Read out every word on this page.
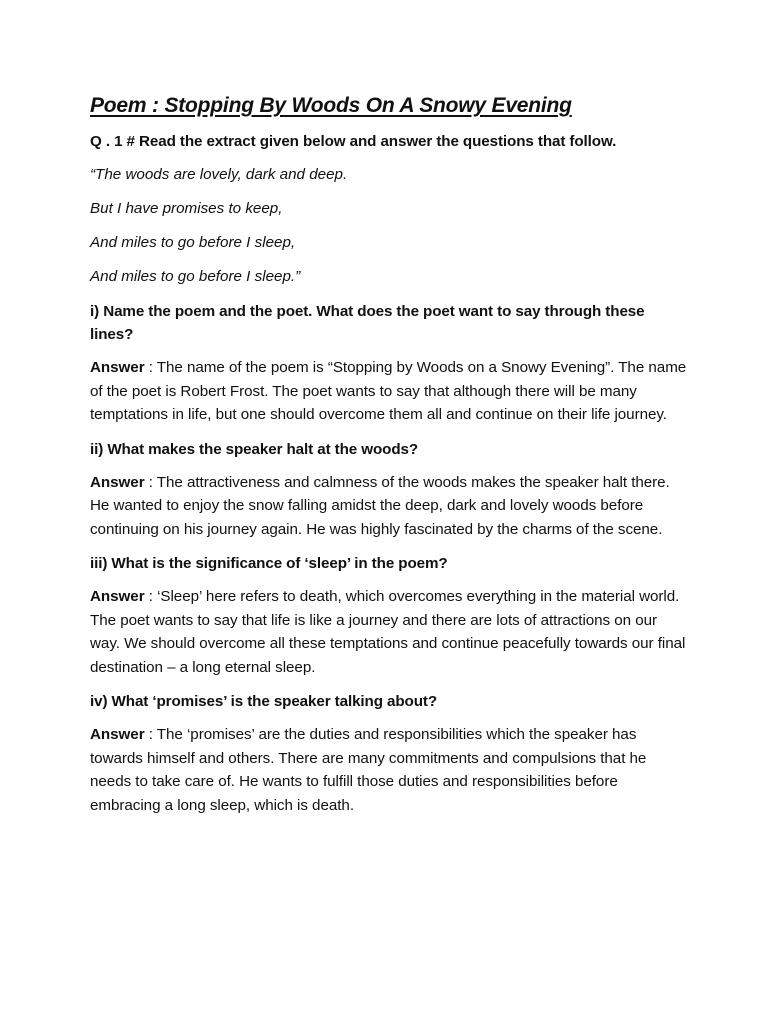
Poem : Stopping By Woods On A Snowy Evening
Q . 1 # Read the extract given below and answer the questions that follow.
“The woods are lovely, dark and deep.
But I have promises to keep,
And miles to go before I sleep,
And miles to go before I sleep.”
i) Name the poem and the poet. What does the poet want to say through these lines?
Answer : The name of the poem is “Stopping by Woods on a Snowy Evening”. The name of the poet is Robert Frost. The poet wants to say that although there will be many temptations in life, but one should overcome them all and continue on their life journey.
ii) What makes the speaker halt at the woods?
Answer : The attractiveness and calmness of the woods makes the speaker halt there. He wanted to enjoy the snow falling amidst the deep, dark and lovely woods before continuing on his journey again. He was highly fascinated by the charms of the scene.
iii) What is the significance of ‘sleep’ in the poem?
Answer : ‘Sleep’ here refers to death, which overcomes everything in the material world. The poet wants to say that life is like a journey and there are lots of attractions on our way. We should overcome all these temptations and continue peacefully towards our final destination – a long eternal sleep.
iv) What ‘promises’ is the speaker talking about?
Answer : The ‘promises’ are the duties and responsibilities which the speaker has towards himself and others. There are many commitments and compulsions that he needs to take care of. He wants to fulfill those duties and responsibilities before embracing a long sleep, which is death.
